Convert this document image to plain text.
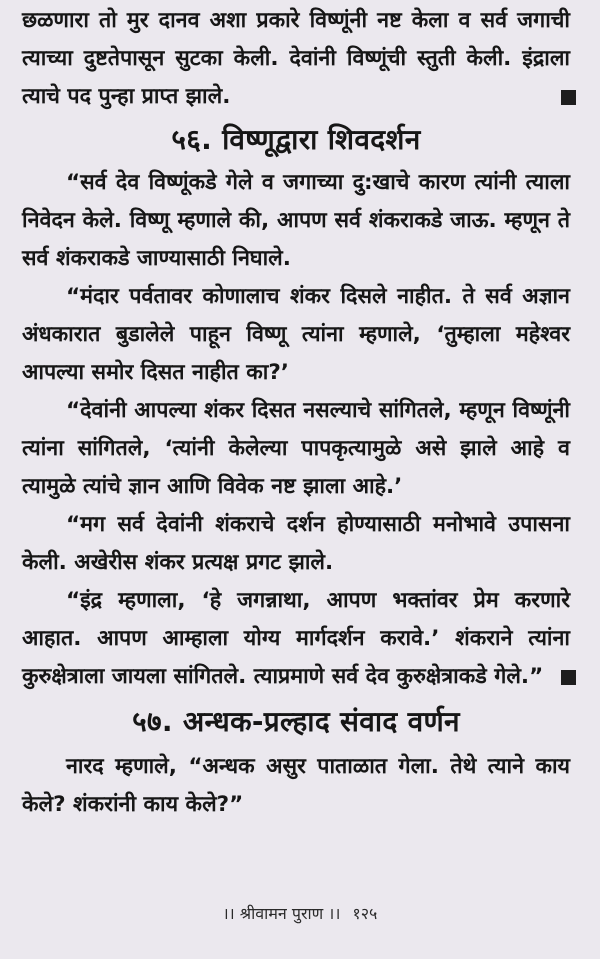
छळणारा तो मुर दानव अशा प्रकारे विष्णूंनी नष्ट केला व सर्व जगाची त्याच्या दुष्टतेपासून सुटका केली. देवांनी विष्णूंची स्तुती केली. इंद्राला त्याचे पद पुन्हा प्राप्त झाले.

५६. विष्णूद्वारा शिवदर्शन

“सर्व देव विष्णूंकडे गेले व जगाच्या दु:खाचे कारण त्यांनी त्याला निवेदन केले. विष्णू म्हणाले की, आपण सर्व शंकराकडे जाऊ. म्हणून ते सर्व शंकराकडे जाण्यासाठी निघाले.

“मंदार पर्वतावर कोणालाच शंकर दिसले नाहीत. ते सर्व अज्ञान अंधकारात बुडालेले पाहून विष्णू त्यांना म्हणाले, ‘तुम्हाला महेश्वर आपल्या समोर दिसत नाहीत का?’

“देवांनी आपल्या शंकर दिसत नसल्याचे सांगितले, म्हणून विष्णूंनी त्यांना सांगितले, ‘त्यांनी केलेल्या पापकृत्यामुळे असे झाले आहे व त्यामुळे त्यांचे ज्ञान आणि विवेक नष्ट झाला आहे.’

“मग सर्व देवांनी शंकराचे दर्शन होण्यासाठी मनोभावे उपासना केली. अखेरीस शंकर प्रत्यक्ष प्रगट झाले.

“इंद्र म्हणाला, ‘हे जगन्नाथा, आपण भक्तांवर प्रेम करणारे आहात. आपण आम्हाला योग्य मार्गदर्शन करावे.’ शंकराने त्यांना कुरुक्षेत्राला जायला सांगितले. त्याप्रमाणे सर्व देव कुरुक्षेत्राकडे गेले.”

५७. अन्धक-प्रल्हाद संवाद वर्णन

नारद म्हणाले, “अन्धक असुर पाताळात गेला. तेथे त्याने काय केले? शंकरांनी काय केले?”

।। श्रीवामन पुराण ।। १२५
